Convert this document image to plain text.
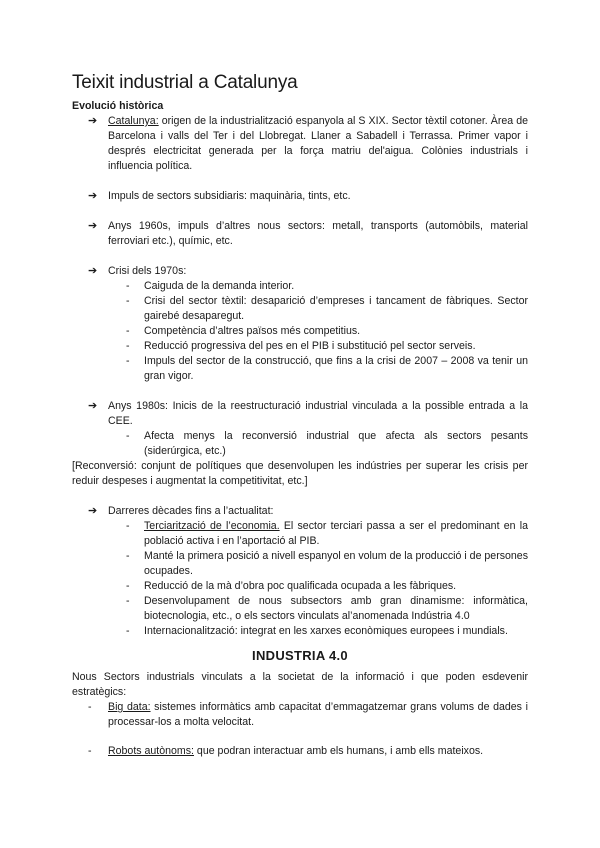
Teixit industrial a Catalunya
Evolució històrica
➔ Catalunya: origen de la industrialització espanyola al S XIX. Sector tèxtil cotoner. Àrea de Barcelona i valls del Ter i del Llobregat. Llaner a Sabadell i Terrassa. Primer vapor i després electricitat generada per la força matriu del'aigua. Colònies industrials i influencia política.
➔ Impuls de sectors subsidiaris: maquinària, tints, etc.
➔ Anys 1960s, impuls d’altres nous sectors: metall, transports (automòbils, material ferroviari etc.), químic, etc.
➔ Crisi dels 1970s:
- Caiguda de la demanda interior.
- Crisi del sector tèxtil: desaparició d’empreses i tancament de fàbriques. Sector gairebé desaparegut.
- Competència d’altres països més competitius.
- Reducció progressiva del pes en el PIB i substitució pel sector serveis.
- Impuls del sector de la construcció, que fins a la crisi de 2007 – 2008 va tenir un gran vigor.
➔ Anys 1980s: Inicis de la reestructuració industrial vinculada a la possible entrada a la CEE.
- Afecta menys la reconversió industrial que afecta als sectors pesants (siderúrgica, etc.)
[Reconversió: conjunt de polítiques que desenvolupen les indústries per superar les crisis per reduir despeses i augmentat la competitivitat, etc.]
➔ Darreres dècades fins a l’actualitat:
- Terciarització de l’economia. El sector terciari passa a ser el predominant en la població activa i en l’aportació al PIB.
- Manté la primera posició a nivell espanyol en volum de la producció i de persones ocupades.
- Reducció de la mà d’obra poc qualificada ocupada a les fàbriques.
- Desenvolupament de nous subsectors amb gran dinamisme: informàtica, biotecnologia, etc., o els sectors vinculats al’anomenada Indústria 4.0
- Internacionalització: integrat en les xarxes econòmiques europees i mundials.
INDUSTRIA 4.0
Nous Sectors industrials vinculats a la societat de la informació i que poden esdevenir estratègics:
- Big data: sistemes informàtics amb capacitat d’emmagatzemar grans volums de dades i processar-los a molta velocitat.
- Robots autònoms: que podran interactuar amb els humans, i amb ells mateixos.
